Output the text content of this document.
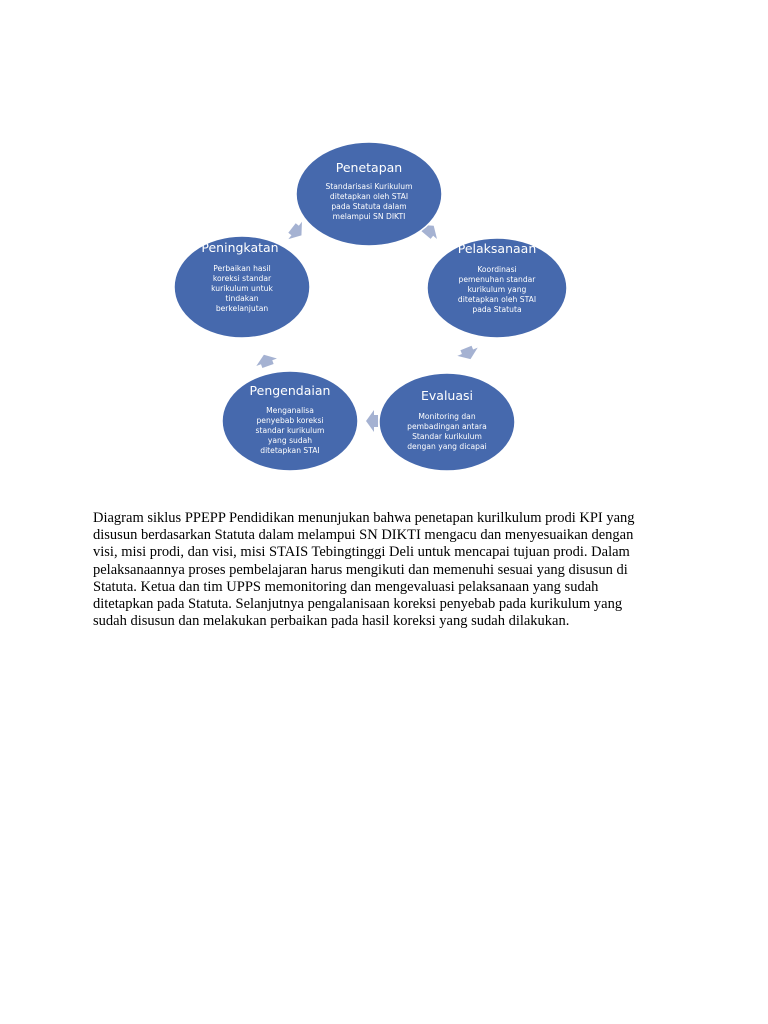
Penetapan
Standarisasi Kurikulum
ditetapkan oleh STAI
pada Statuta dalam
melampui SN DIKTI
Pelaksanaan
Koordinasi
pemenuhan standar
kurikulum yang
ditetapkan oleh STAI
pada Statuta
Evaluasi
Monitoring dan
pembadingan antara
Standar kurikulum
dengan yang dicapai
Pengendaian
Menganalisa
penyebab koreksi
standar kurikulum
yang sudah
ditetapkan STAI
Peningkatan
Perbaikan hasil
koreksi standar
kurikulum untuk
tindakan
berkelanjutan

Diagram siklus PPEPP Pendidikan menunjukan bahwa penetapan kurilkulum prodi KPI yang
disusun berdasarkan Statuta dalam melampui SN DIKTI mengacu dan menyesuaikan dengan
visi, misi prodi, dan visi, misi STAIS Tebingtinggi Deli untuk mencapai tujuan prodi. Dalam
pelaksanaannya proses pembelajaran harus mengikuti dan memenuhi sesuai yang disusun di
Statuta. Ketua dan tim UPPS memonitoring dan mengevaluasi pelaksanaan yang sudah
ditetapkan pada Statuta. Selanjutnya pengalanisaan koreksi penyebab pada kurikulum yang
sudah disusun dan melakukan perbaikan pada hasil koreksi yang sudah dilakukan.
